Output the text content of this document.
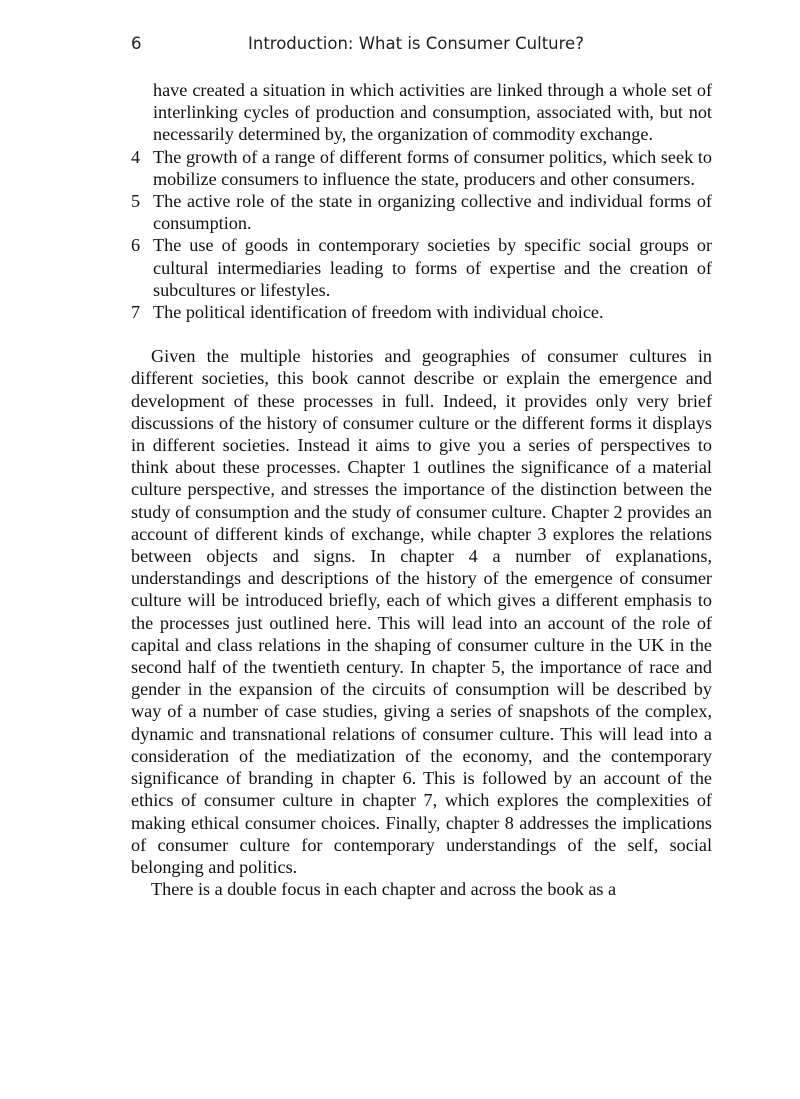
6	Introduction: What is Consumer Culture?

have created a situation in which activities are linked through a whole set of interlinking cycles of production and consumption, associated with, but not necessarily determined by, the organization of commodity exchange.

4 The growth of a range of different forms of consumer politics, which seek to mobilize consumers to influence the state, producers and other consumers.
5 The active role of the state in organizing collective and individual forms of consumption.
6 The use of goods in contemporary societies by specific social groups or cultural intermediaries leading to forms of expertise and the creation of subcultures or lifestyles.
7 The political identification of freedom with individual choice.

Given the multiple histories and geographies of consumer cultures in different societies, this book cannot describe or explain the emergence and development of these processes in full. Indeed, it provides only very brief discussions of the history of consumer culture or the different forms it displays in different societies. Instead it aims to give you a series of perspectives to think about these processes. Chapter 1 outlines the significance of a material culture perspective, and stresses the importance of the distinction between the study of consumption and the study of consumer culture. Chapter 2 provides an account of different kinds of exchange, while chapter 3 explores the relations between objects and signs. In chapter 4 a number of explanations, understandings and descriptions of the history of the emergence of consumer culture will be introduced briefly, each of which gives a different emphasis to the processes just outlined here. This will lead into an account of the role of capital and class relations in the shaping of consumer culture in the UK in the second half of the twentieth century. In chapter 5, the importance of race and gender in the expansion of the circuits of consumption will be described by way of a number of case studies, giving a series of snapshots of the complex, dynamic and transnational relations of consumer culture. This will lead into a consideration of the mediatization of the economy, and the contemporary significance of branding in chapter 6. This is followed by an account of the ethics of consumer culture in chapter 7, which explores the complexities of making ethical consumer choices. Finally, chapter 8 addresses the implications of consumer culture for contemporary understandings of the self, social belonging and politics.

There is a double focus in each chapter and across the book as a
